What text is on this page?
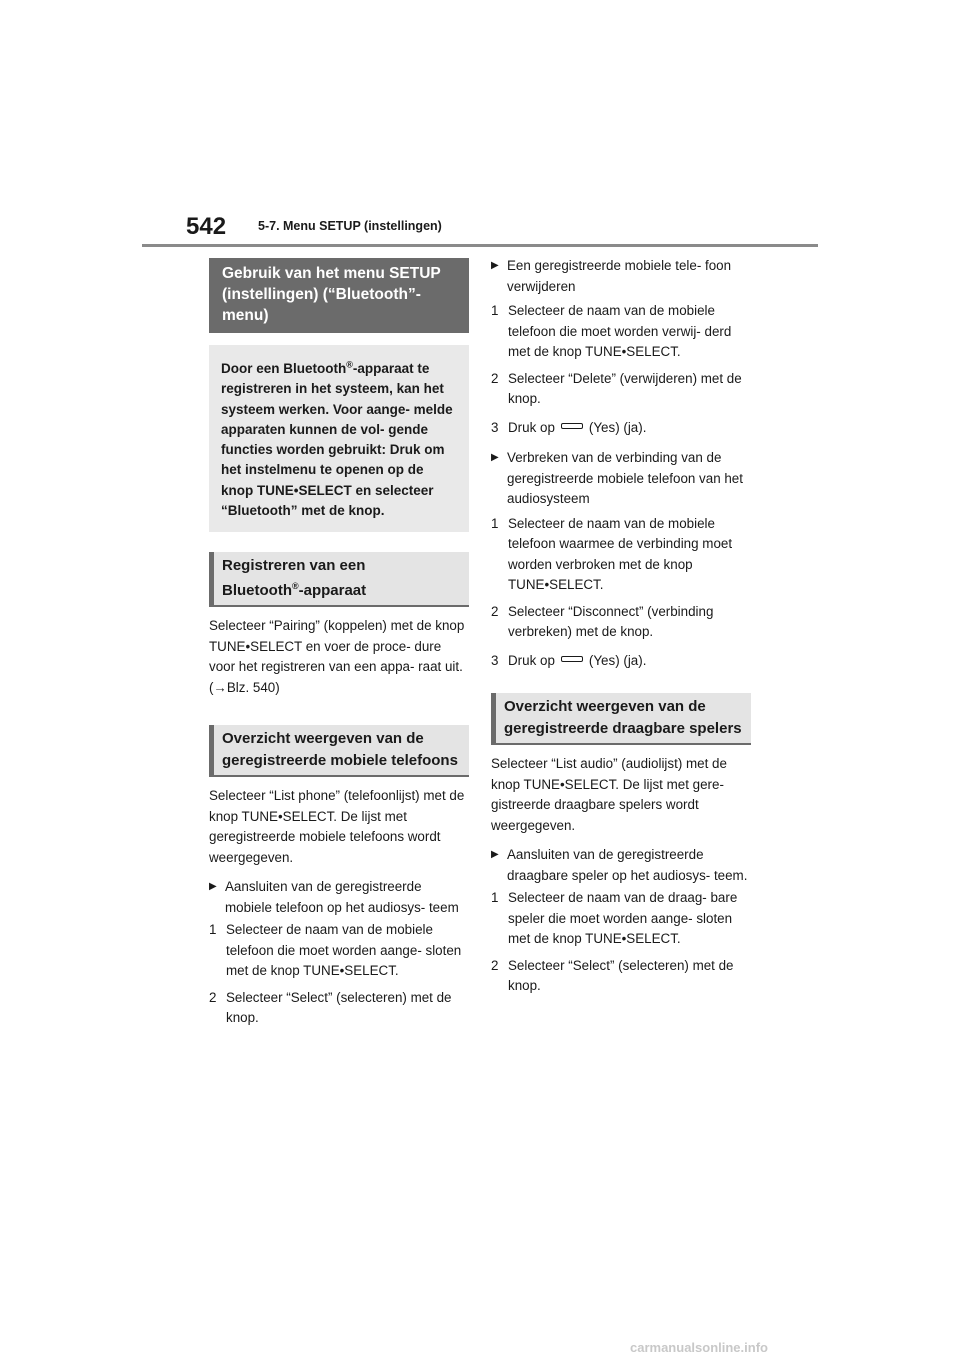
542	5-7. Menu SETUP (instellingen)
Gebruik van het menu SETUP (instellingen) (“Bluetooth”-menu)
Door een Bluetooth®-apparaat te registreren in het systeem, kan het systeem werken. Voor aange- melde apparaten kunnen de vol- gende functies worden gebruikt: Druk om het instelmenu te openen op de knop TUNE•SELECT en selecteer “Bluetooth” met de knop.
Registreren van een
Bluetooth®-apparaat

Selecteer “Pairing” (koppelen) met de knop TUNE•SELECT en voer de proce- dure voor het registreren van een appa- raat uit. (→Blz. 540)

Overzicht weergeven van de geregistreerde mobiele telefoons

Selecteer “List phone” (telefoonlijst) met de knop TUNE•SELECT. De lijst met geregistreerde mobiele telefoons wordt weergegeven.

▶ Aansluiten van de geregistreerde mobiele telefoon op het audiosys- teem
1 Selecteer de naam van de mobiele telefoon die moet worden aange- sloten met de knop TUNE•SELECT.
2 Selecteer “Select” (selecteren) met de knop.
▶ Een geregistreerde mobiele tele- foon verwijderen
1 Selecteer de naam van de mobiele telefoon die moet worden verwij- derd met de knop TUNE•SELECT.
2 Selecteer “Delete” (verwijderen) met de knop.
3 Druk op	(Yes) (ja).
▶ Verbreken van de verbinding van de geregistreerde mobiele telefoon van het audiosysteem
1 Selecteer de naam van de mobiele telefoon waarmee de verbinding moet worden verbroken met de knop TUNE•SELECT.
2 Selecteer “Disconnect” (verbinding verbreken) met de knop.
3 Druk op	(Yes) (ja).
Overzicht weergeven van de geregistreerde draagbare spelers

Selecteer “List audio” (audiolijst) met de knop TUNE•SELECT. De lijst met gere- gistreerde draagbare spelers wordt weergegeven.

▶ Aansluiten van de geregistreerde draagbare speler op het audiosys- teem.
1 Selecteer de naam van de draag- bare speler die moet worden aange- sloten met de knop TUNE•SELECT.
2 Selecteer “Select” (selecteren) met de knop.
carmanualsonline.info
